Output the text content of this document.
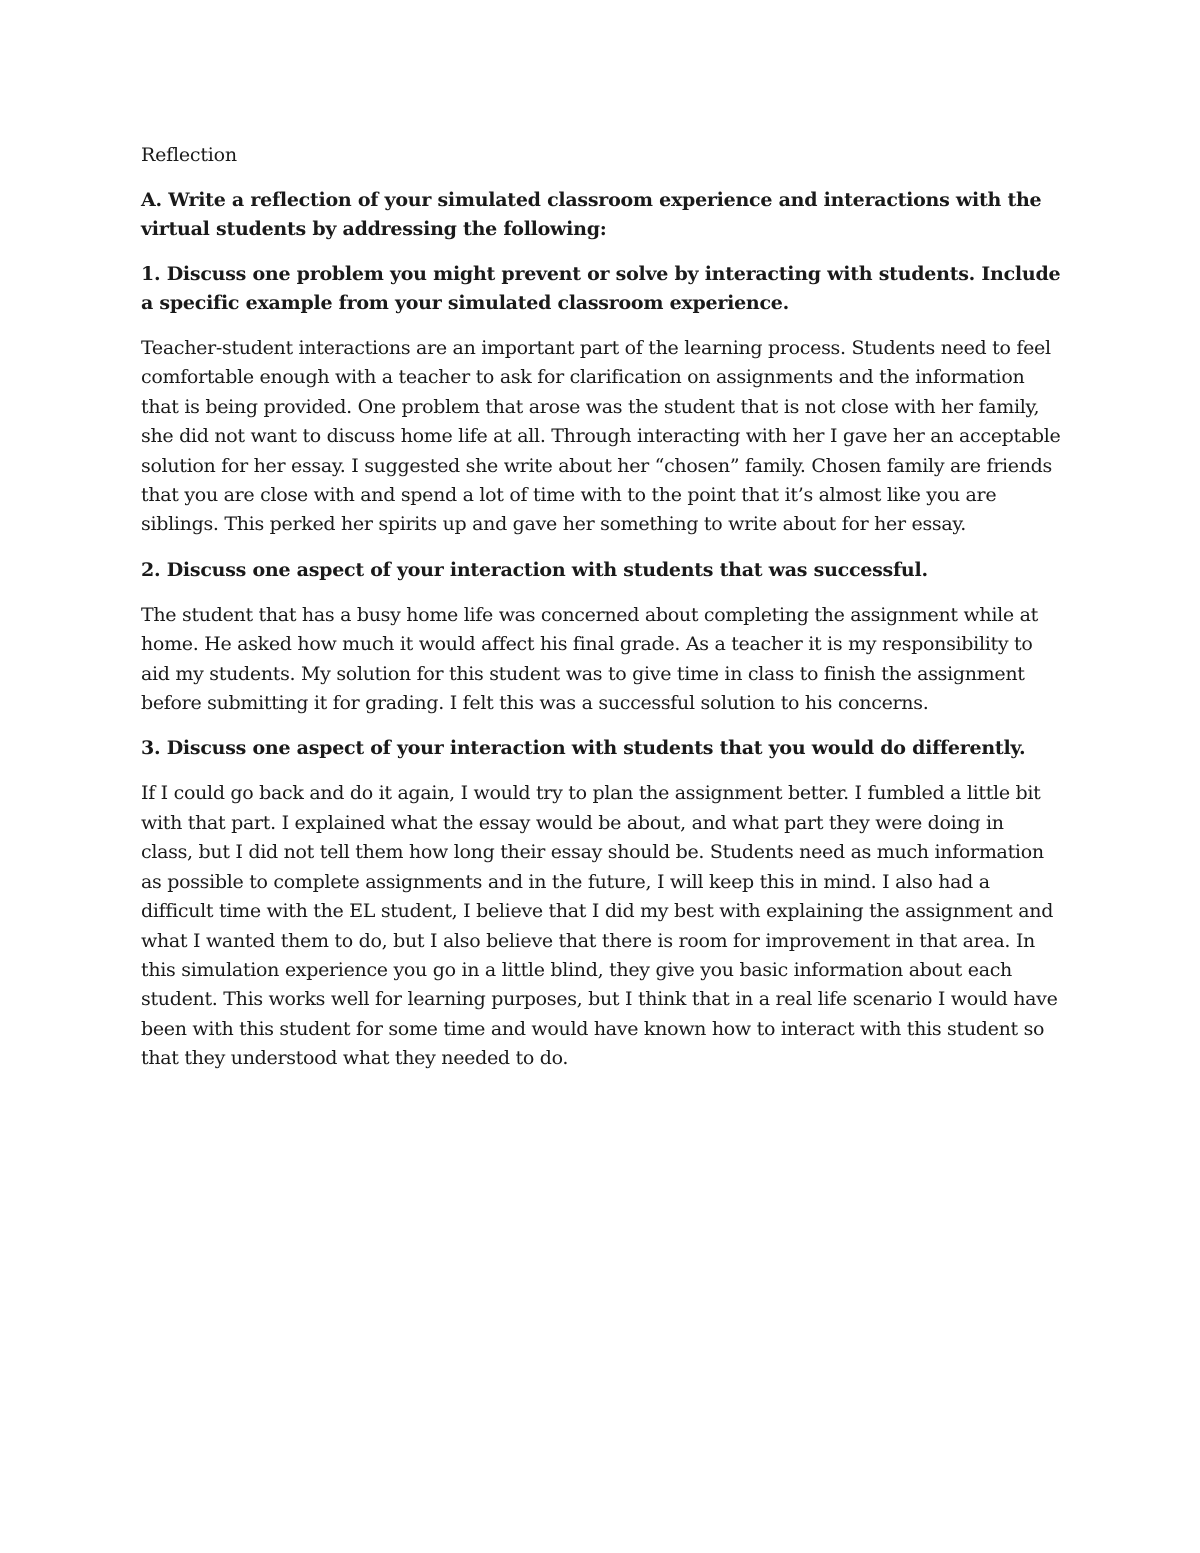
Reflection

A. Write a reflection of your simulated classroom experience and interactions with the virtual students by addressing the following:

1. Discuss one problem you might prevent or solve by interacting with students. Include a specific example from your simulated classroom experience.

Teacher-student interactions are an important part of the learning process. Students need to feel comfortable enough with a teacher to ask for clarification on assignments and the information that is being provided. One problem that arose was the student that is not close with her family, she did not want to discuss home life at all. Through interacting with her I gave her an acceptable solution for her essay. I suggested she write about her “chosen” family. Chosen family are friends that you are close with and spend a lot of time with to the point that it’s almost like you are siblings. This perked her spirits up and gave her something to write about for her essay.

2. Discuss one aspect of your interaction with students that was successful.

The student that has a busy home life was concerned about completing the assignment while at home. He asked how much it would affect his final grade. As a teacher it is my responsibility to aid my students. My solution for this student was to give time in class to finish the assignment before submitting it for grading. I felt this was a successful solution to his concerns.

3. Discuss one aspect of your interaction with students that you would do differently.

If I could go back and do it again, I would try to plan the assignment better. I fumbled a little bit with that part. I explained what the essay would be about, and what part they were doing in class, but I did not tell them how long their essay should be. Students need as much information as possible to complete assignments and in the future, I will keep this in mind. I also had a difficult time with the EL student, I believe that I did my best with explaining the assignment and what I wanted them to do, but I also believe that there is room for improvement in that area. In this simulation experience you go in a little blind, they give you basic information about each student. This works well for learning purposes, but I think that in a real life scenario I would have been with this student for some time and would have known how to interact with this student so that they understood what they needed to do.
